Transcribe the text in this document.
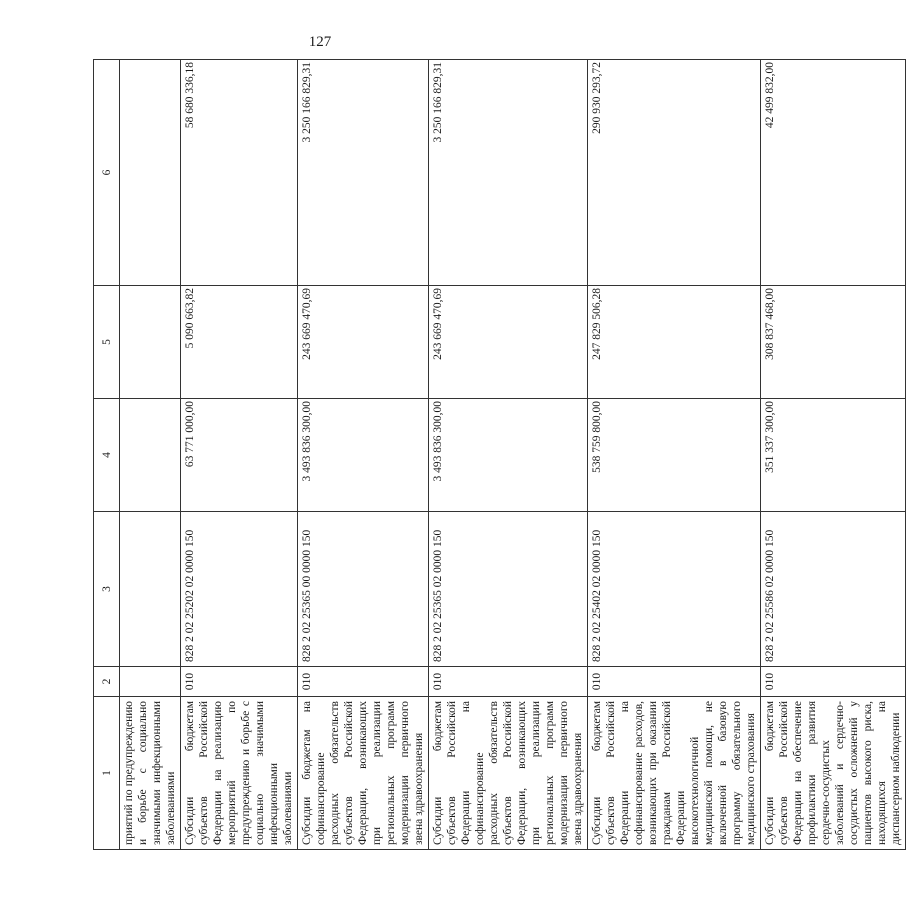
127
1	2	3	4	5	6
приятий по предупреждению и борьбе с социально значимыми инфекционными заболеваниями					
Субсидии бюджетам субъектов Российской Федерации на реализацию мероприятий по предупреждению и борьбе с социально значимыми инфекционными заболеваниями	010	828 2 02 25202 02 0000 150	63 771 000,00	5 090 663,82	58 680 336,18
Субсидии бюджетам на софинансирование расходных обязательств субъектов Российской Федерации, возникающих при реализации региональных программ модернизации первичного звена здравоохранения	010	828 2 02 25365 00 0000 150	3 493 836 300,00	243 669 470,69	3 250 166 829,31
Субсидии бюджетам субъектов Российской Федерации на софинансирование расходных обязательств субъектов Российской Федерации, возникающих при реализации региональных программ модернизации первичного звена здравоохранения	010	828 2 02 25365 02 0000 150	3 493 836 300,00	243 669 470,69	3 250 166 829,31
Субсидии бюджетам субъектов Российской Федерации на софинансирование расходов, возникающих при оказании гражданам Российской Федерации высокотехнологичной медицинской помощи, не включенной в базовую программу обязательного медицинского страхования	010	828 2 02 25402 02 0000 150	538 759 800,00	247 829 506,28	290 930 293,72
Субсидии бюджетам субъектов Российской Федерации на обеспечение профилактики развития сердечно-сосудистых заболеваний и сердечно-сосудистых осложнений у пациентов высокого риска, находящихся на диспансерном наблюдении	010	828 2 02 25586 02 0000 150	351 337 300,00	308 837 468,00	42 499 832,00
